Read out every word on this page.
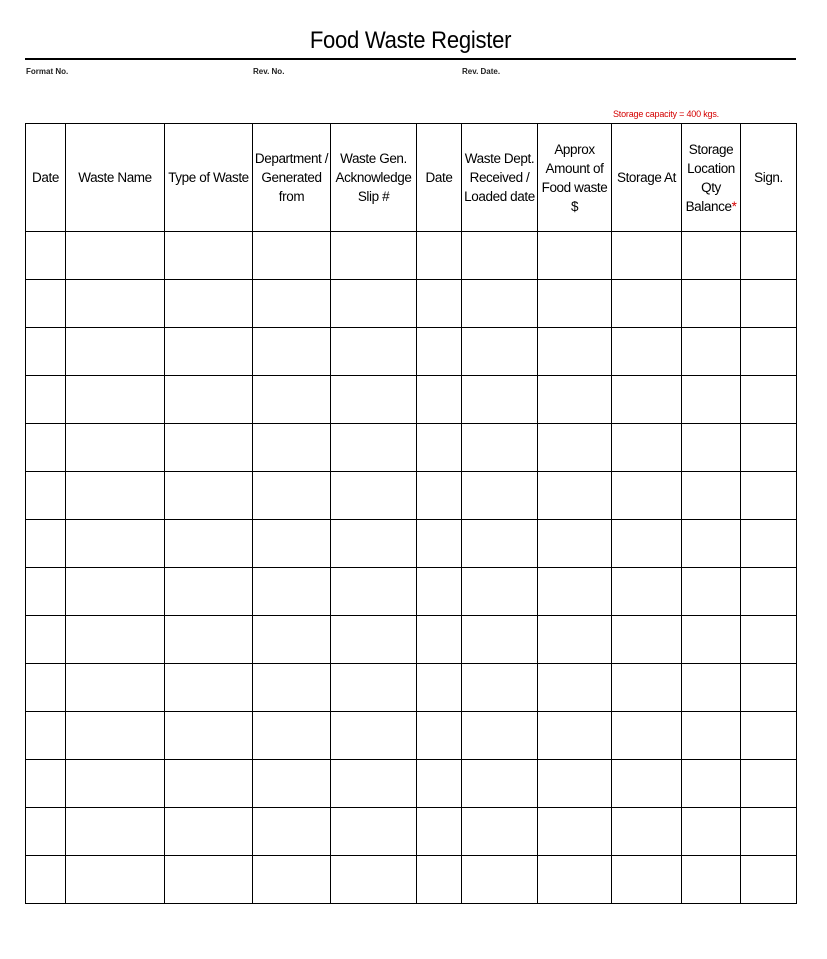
Food Waste Register
Format No.	Rev. No.	Rev. Date.
Storage capacity = 400 kgs.
Date	Waste Name	Type of Waste	Department /
Generated
from	Waste Gen.
Acknowledge
Slip #	Date	Waste Dept.
Received /
Loaded date	Approx
Amount of
Food waste
$	Storage At	Storage
Location
Qty
Balance*	Sign.
